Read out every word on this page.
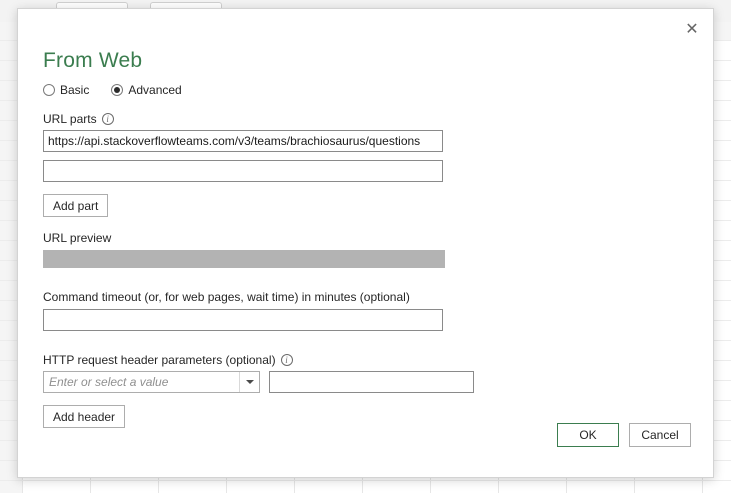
✕
From Web
Basic	Advanced
URL parts	i
https://api.stackoverflowteams.com/v3/teams/brachiosaurus/questions
Add part
URL preview
Command timeout (or, for web pages, wait time) in minutes (optional)
HTTP request header parameters (optional)	i
Enter or select a value
Add header
OK	Cancel
